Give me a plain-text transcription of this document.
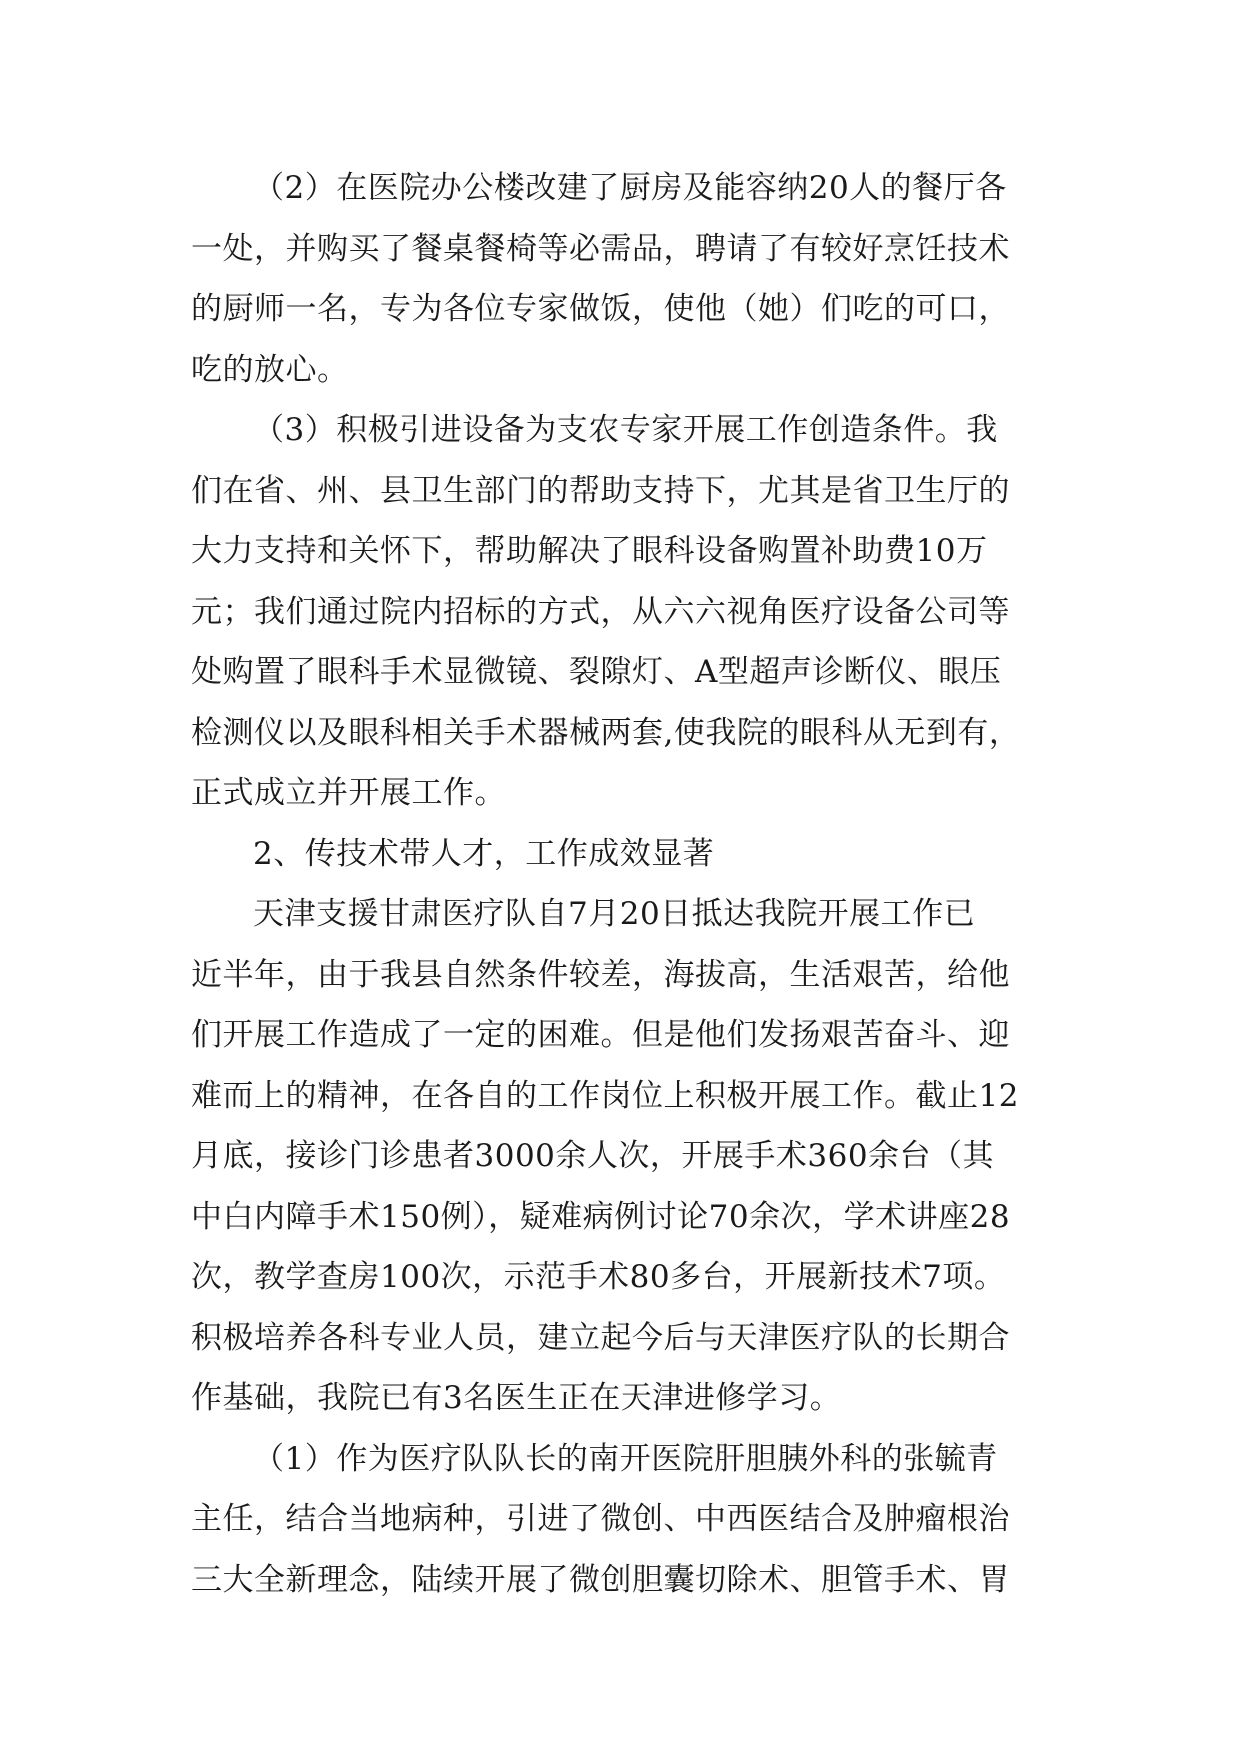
（2）在医院办公楼改建了厨房及能容纳20人的餐厅各
一处，并购买了餐桌餐椅等必需品，聘请了有较好烹饪技术
的厨师一名，专为各位专家做饭，使他（她）们吃的可口，
吃的放心。
（3）积极引进设备为支农专家开展工作创造条件。我
们在省、州、县卫生部门的帮助支持下，尤其是省卫生厅的
大力支持和关怀下，帮助解决了眼科设备购置补助费10万
元；我们通过院内招标的方式，从六六视角医疗设备公司等
处购置了眼科手术显微镜、裂隙灯、A型超声诊断仪、眼压
检测仪以及眼科相关手术器械两套,使我院的眼科从无到有，
正式成立并开展工作。
2、传技术带人才，工作成效显著
天津支援甘肃医疗队自7月20日抵达我院开展工作已
近半年，由于我县自然条件较差，海拔高，生活艰苦，给他
们开展工作造成了一定的困难。但是他们发扬艰苦奋斗、迎
难而上的精神，在各自的工作岗位上积极开展工作。截止12
月底，接诊门诊患者3000余人次，开展手术360余台（其
中白内障手术150例），疑难病例讨论70余次，学术讲座28
次，教学查房100次，示范手术80多台，开展新技术7项。
积极培养各科专业人员，建立起今后与天津医疗队的长期合
作基础，我院已有3名医生正在天津进修学习。
（1）作为医疗队队长的南开医院肝胆胰外科的张毓青
主任，结合当地病种，引进了微创、中西医结合及肿瘤根治
三大全新理念，陆续开展了微创胆囊切除术、胆管手术、胃
